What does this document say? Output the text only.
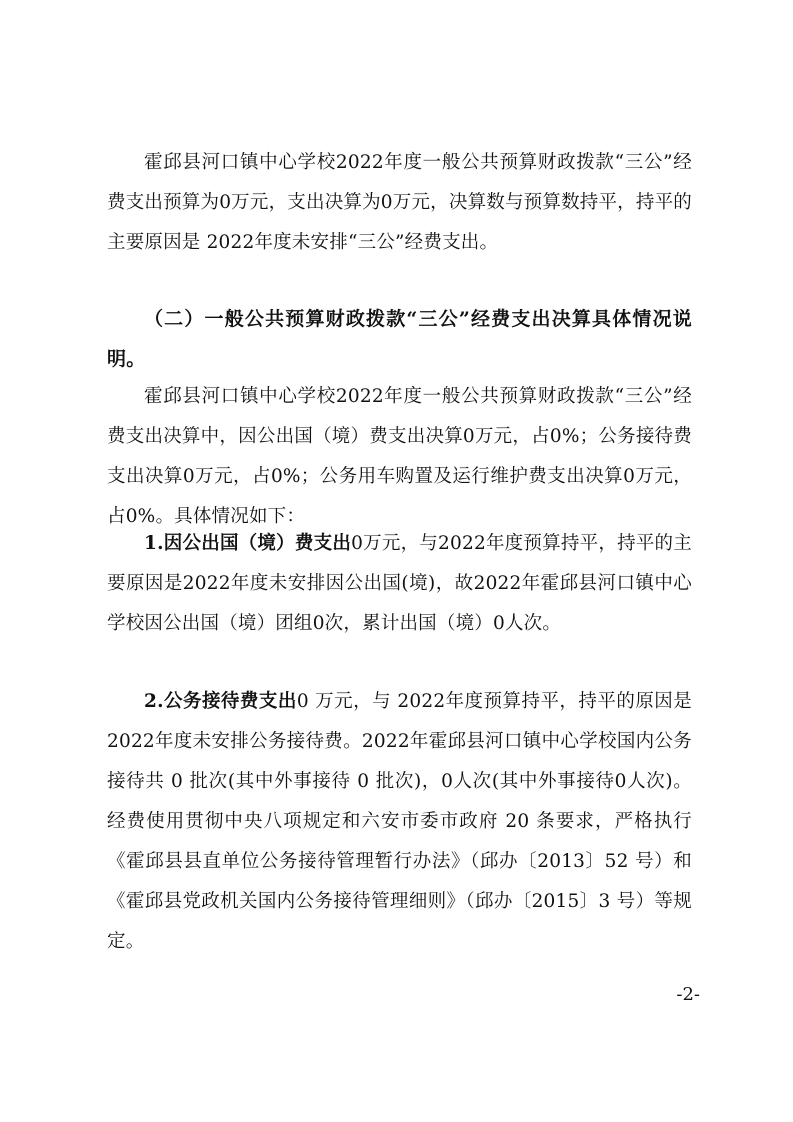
霍邱县河口镇中心学校2022年度一般公共预算财政拨款“三公”经费支出预算为0万元，支出决算为0万元，决算数与预算数持平，持平的主要原因是 2022年度未安排“三公”经费支出。

（二）一般公共预算财政拨款“三公”经费支出决算具体情况说明。

霍邱县河口镇中心学校2022年度一般公共预算财政拨款“三公”经费支出决算中，因公出国（境）费支出决算0万元，占0%；公务接待费支出决算0万元，占0%；公务用车购置及运行维护费支出决算0万元，占0%。具体情况如下：

1.因公出国（境）费支出0万元，与2022年度预算持平，持平的主要原因是2022年度未安排因公出国(境)，故2022年霍邱县河口镇中心学校因公出国（境）团组0次，累计出国（境）0人次。

2.公务接待费支出0 万元，与 2022年度预算持平，持平的原因是 2022年度未安排公务接待费。2022年霍邱县河口镇中心学校国内公务接待共 0 批次(其中外事接待 0 批次)，0人次(其中外事接待0人次)。经费使用贯彻中央八项规定和六安市委市政府 20 条要求，严格执行《霍邱县县直单位公务接待管理暂行办法》（邱办〔2013〕52 号）和《霍邱县党政机关国内公务接待管理细则》（邱办〔2015〕3 号）等规定。

-2-
